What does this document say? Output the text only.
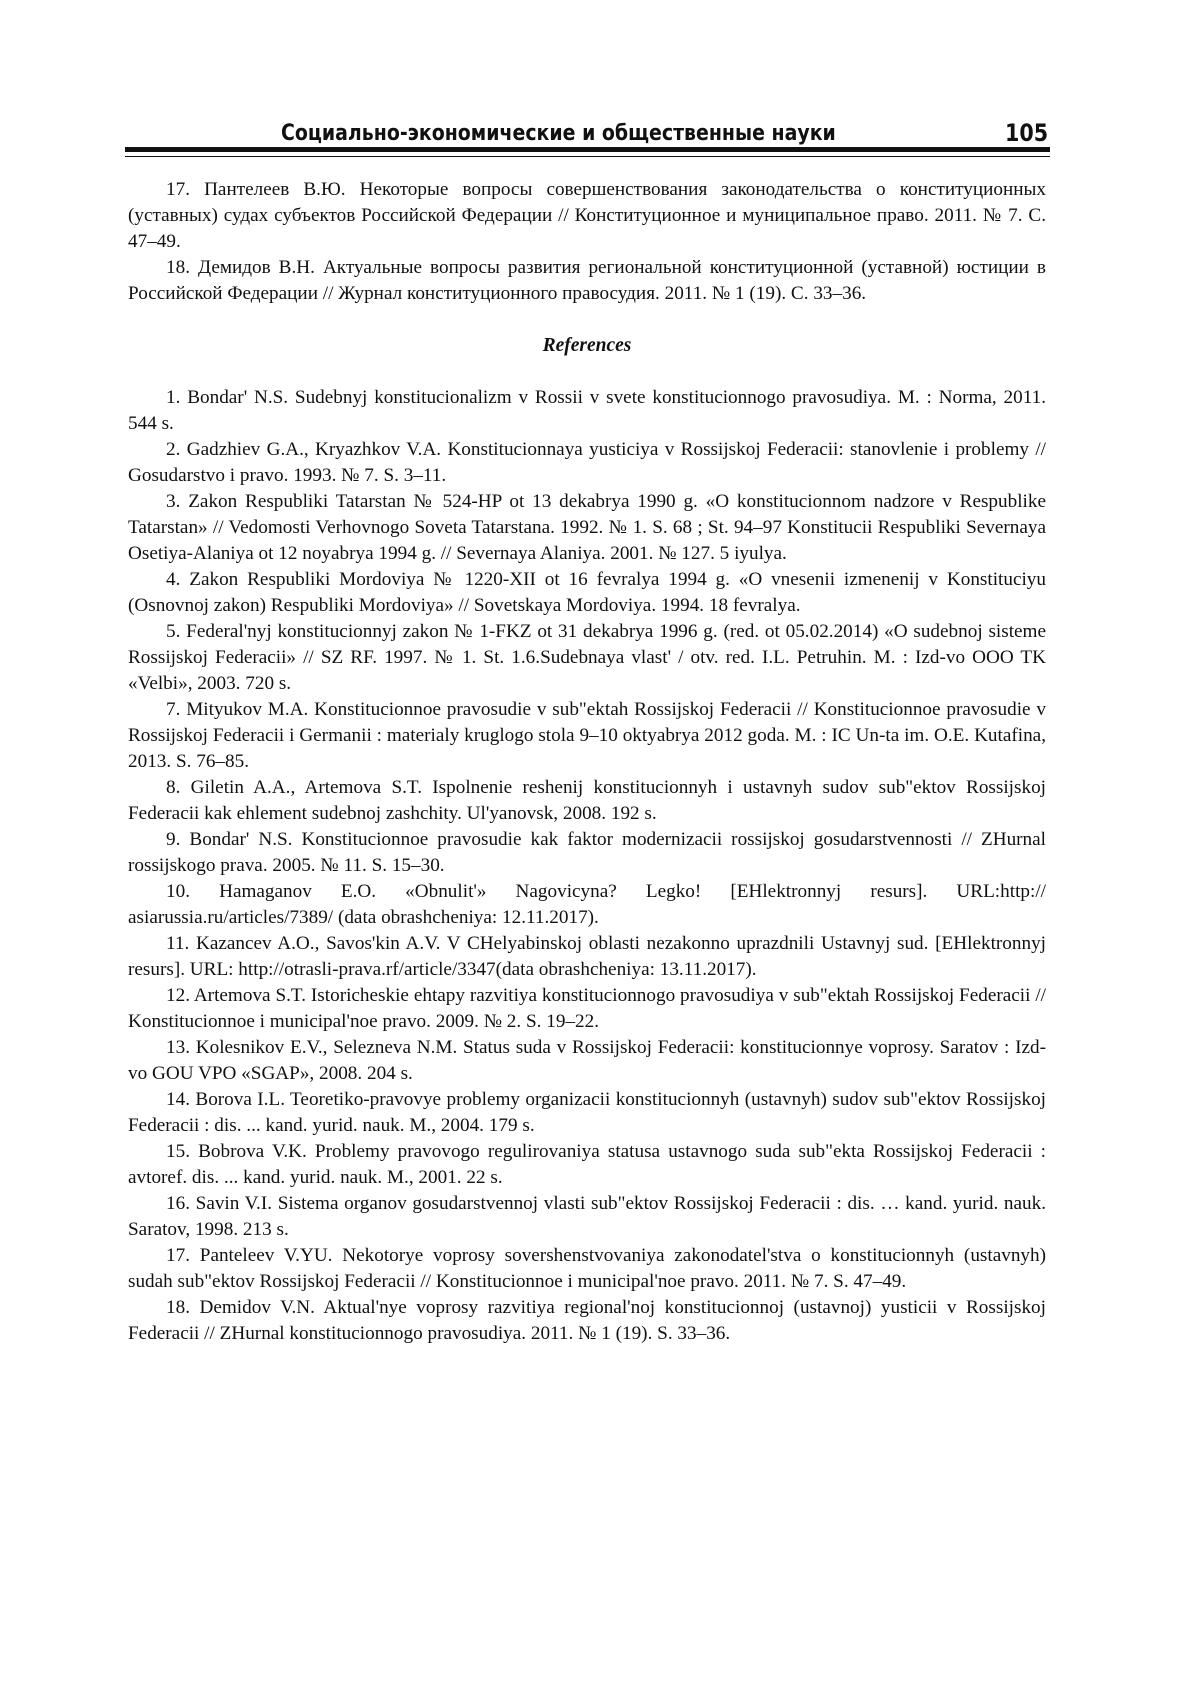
Социально-экономические и общественные науки	105

17. Пантелеев В.Ю. Некоторые вопросы совершенствования законодательства о конституционных (уставных) судах субъектов Российской Федерации // Конституционное и муниципальное право. 2011. № 7. С. 47–49.

18. Демидов В.Н. Актуальные вопросы развития региональной конституционной (уставной) юстиции в Российской Федерации // Журнал конституционного правосудия. 2011. № 1 (19). С. 33–36.

References

1. Bondar' N.S. Sudebnyj konstitucionalizm v Rossii v svete konstitucionnogo pravosudiya. M. : Norma, 2011. 544 s.

2. Gadzhiev G.A., Kryazhkov V.A. Konstitucionnaya yusticiya v Rossijskoj Federacii: stanovlenie i problemy // Gosudarstvo i pravo. 1993. № 7. S. 3–11.

3. Zakon Respubliki Tatarstan № 524-HP ot 13 dekabrya 1990 g. «O konstitucionnom nadzore v Respublike Tatarstan» // Vedomosti Verhovnogo Soveta Tatarstana. 1992. № 1. S. 68 ; St. 94–97 Konstitucii Respubliki Severnaya Osetiya-Alaniya ot 12 noyabrya 1994 g. // Severnaya Alaniya. 2001. № 127. 5 iyulya.

4. Zakon Respubliki Mordoviya № 1220-XII ot 16 fevralya 1994 g. «O vnesenii izmenenij v Konstituciyu (Osnovnoj zakon) Respubliki Mordoviya» // Sovetskaya Mordoviya. 1994. 18 fevralya.

5. Federal'nyj konstitucionnyj zakon № 1-FKZ ot 31 dekabrya 1996 g. (red. ot 05.02.2014) «O sudebnoj sisteme Rossijskoj Federacii» // SZ RF. 1997. № 1. St. 1.6.Sudebnaya vlast' / otv. red. I.L. Petruhin. M. : Izd-vo OOO TK «Velbi», 2003. 720 s.

7. Mityukov M.A. Konstitucionnoe pravosudie v sub"ektah Rossijskoj Federacii // Konstitucionnoe pravosudie v Rossijskoj Federacii i Germanii : materialy kruglogo stola 9–10 oktyabrya 2012 goda. M. : IC Un-ta im. O.E. Kutafina, 2013. S. 76–85.

8. Giletin A.A., Artemova S.T. Ispolnenie reshenij konstitucionnyh i ustavnyh sudov sub"ektov Rossijskoj Federacii kak ehlement sudebnoj zashchity. Ul'yanovsk, 2008. 192 s.

9. Bondar' N.S. Konstitucionnoe pravosudie kak faktor modernizacii rossijskoj gosudarstvennosti // ZHurnal rossijskogo prava. 2005. № 11. S. 15–30.

10. Hamaganov E.O. «Obnulit'» Nagovicyna? Legko! [EHlektronnyj resurs]. URL:http:// asiarussia.ru/articles/7389/ (data obrashcheniya: 12.11.2017).

11. Kazancev A.O., Savos'kin A.V. V CHelyabinskoj oblasti nezakonno uprazdnili Ustavnyj sud. [EHlektronnyj resurs]. URL: http://otrasli-prava.rf/article/3347(data obrashcheniya: 13.11.2017).

12. Artemova S.T. Istoricheskie ehtapy razvitiya konstitucionnogo pravosudiya v sub"ektah Rossijskoj Federacii // Konstitucionnoe i municipal'noe pravo. 2009. № 2. S. 19–22.

13. Kolesnikov E.V., Selezneva N.M. Status suda v Rossijskoj Federacii: konstitucionnye voprosy. Saratov : Izd-vo GOU VPO «SGAP», 2008. 204 s.

14. Borova I.L. Teoretiko-pravovye problemy organizacii konstitucionnyh (ustavnyh) sudov sub"ektov Rossijskoj Federacii : dis. ... kand. yurid. nauk. M., 2004. 179 s.

15. Bobrova V.K. Problemy pravovogo regulirovaniya statusa ustavnogo suda sub"ekta Rossijskoj Federacii : avtoref. dis. ... kand. yurid. nauk. M., 2001. 22 s.

16. Savin V.I. Sistema organov gosudarstvennoj vlasti sub"ektov Rossijskoj Federacii : dis. … kand. yurid. nauk. Saratov, 1998. 213 s.

17. Panteleev V.YU. Nekotorye voprosy sovershenstvovaniya zakonodatel'stva o konstitucionnyh (ustavnyh) sudah sub"ektov Rossijskoj Federacii // Konstitucionnoe i municipal'noe pravo. 2011. № 7. S. 47–49.

18. Demidov V.N. Aktual'nye voprosy razvitiya regional'noj konstitucionnoj (ustavnoj) yusticii v Rossijskoj Federacii // ZHurnal konstitucionnogo pravosudiya. 2011. № 1 (19). S. 33–36.
